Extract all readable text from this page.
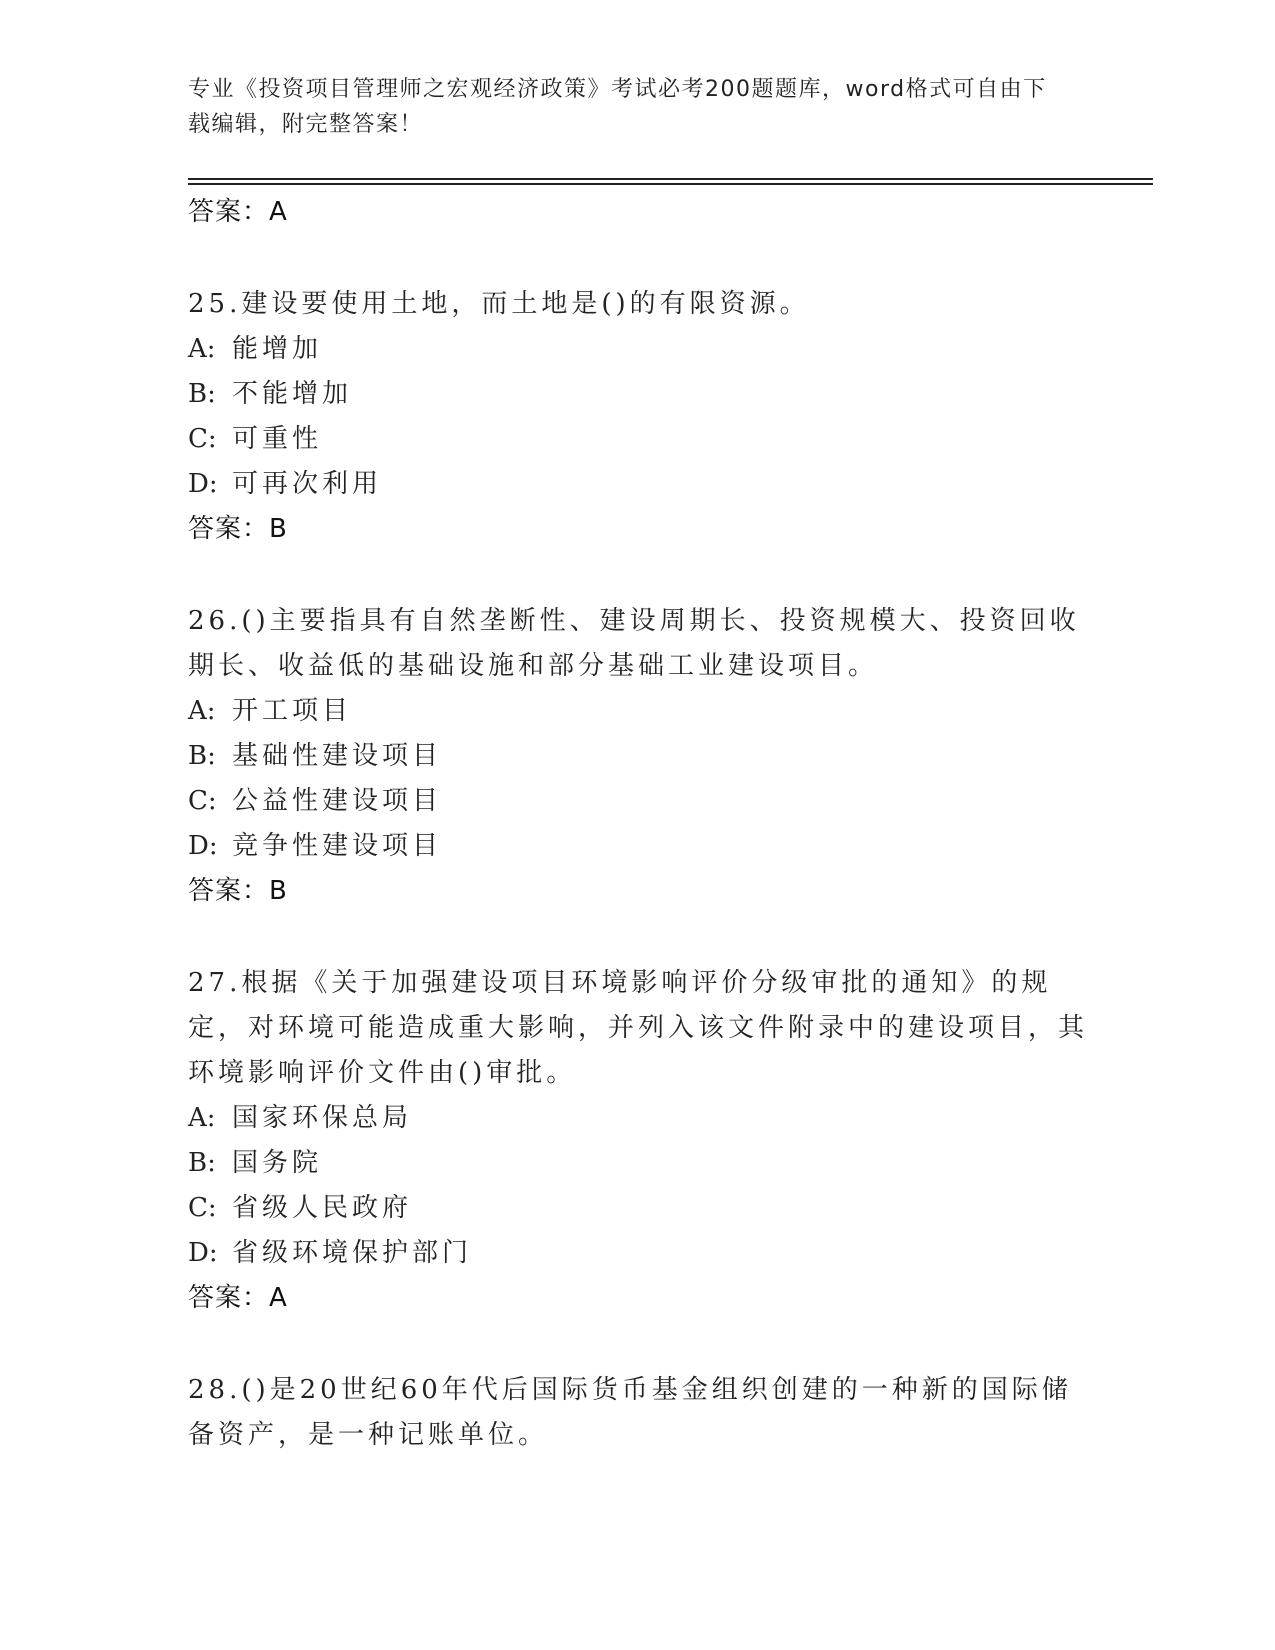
专业《投资项目管理师之宏观经济政策》考试必考200题题库，word格式可自由下载编辑，附完整答案！
答案：A
25.建设要使用土地，而土地是()的有限资源。
A: 能增加
B: 不能增加
C: 可重性
D: 可再次利用
答案：B
26.()主要指具有自然垄断性、建设周期长、投资规模大、投资回收期长、收益低的基础设施和部分基础工业建设项目。
A: 开工项目
B: 基础性建设项目
C: 公益性建设项目
D: 竞争性建设项目
答案：B
27.根据《关于加强建设项目环境影响评价分级审批的通知》的规定，对环境可能造成重大影响，并列入该文件附录中的建设项目，其环境影响评价文件由()审批。
A: 国家环保总局
B: 国务院
C: 省级人民政府
D: 省级环境保护部门
答案：A
28.()是20世纪60年代后国际货币基金组织创建的一种新的国际储备资产，是一种记账单位。
